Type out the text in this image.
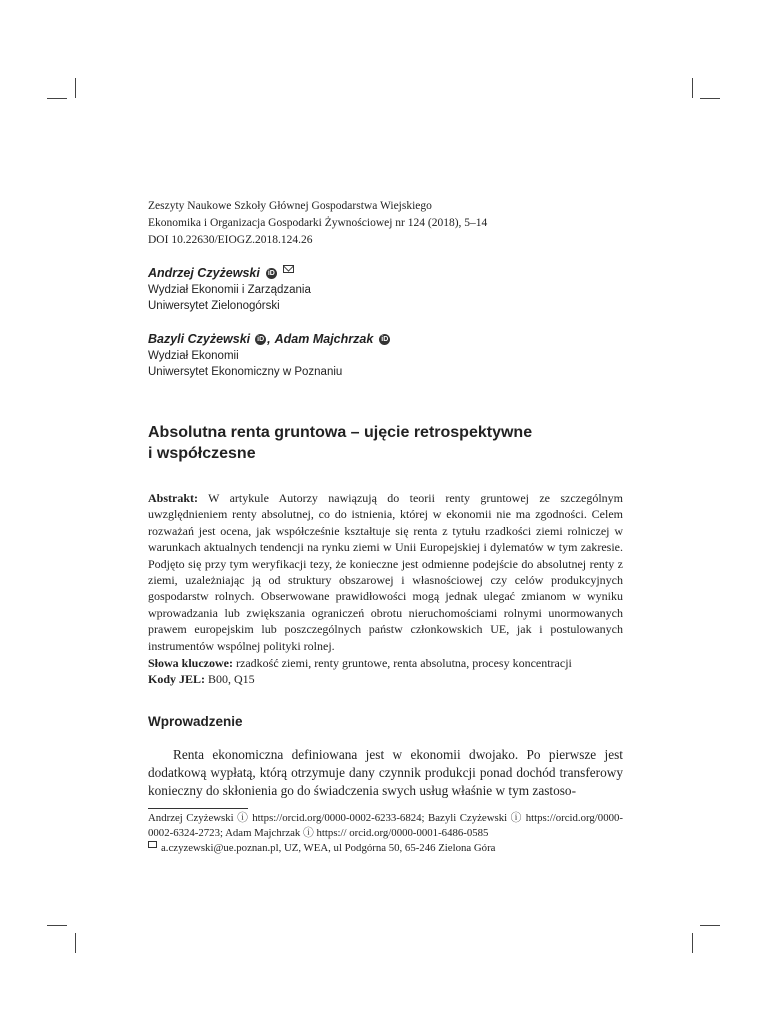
Zeszyty Naukowe Szkoły Głównej Gospodarstwa Wiejskiego
Ekonomika i Organizacja Gospodarki Żywnościowej nr 124 (2018), 5–14
DOI 10.22630/EIOGZ.2018.124.26
Andrzej Czyżewski iD
Wydział Ekonomii i Zarządzania
Uniwersytet Zielonogórski
Bazyli Czyżewski iD , Adam Majchrzak iD
Wydział Ekonomii
Uniwersytet Ekonomiczny w Poznaniu
Absolutna renta gruntowa – ujęcie retrospektywne
i współczesne
Abstrakt: W artykule Autorzy nawiązują do teorii renty gruntowej ze szczególnym uwzględnieniem renty absolutnej, co do istnienia, której w ekonomii nie ma zgodności. Celem rozważań jest ocena, jak współcześnie kształtuje się renta z tytułu rzadkości ziemi rolniczej w warunkach aktualnych tendencji na rynku ziemi w Unii Europejskiej i dylematów w tym zakresie. Podjęto się przy tym weryfikacji tezy, że konieczne jest odmienne podejście do absolutnej renty z ziemi, uzależniając ją od struktury obszarowej i własnościowej czy celów produkcyjnych gospodarstw rolnych. Obserwowane prawidłowości mogą jednak ulegać zmianom w wyniku wprowadzania lub zwiększania ograniczeń obrotu nieruchomościami rolnymi unormowanych prawem europejskim lub poszczególnych państw członkowskich UE, jak i postulowanych instrumentów wspólnej polityki rolnej.
Słowa kluczowe: rzadkość ziemi, renty gruntowe, renta absolutna, procesy koncentracji
Kody JEL: B00, Q15
Wprowadzenie
Renta ekonomiczna definiowana jest w ekonomii dwojako. Po pierwsze jest dodatkową wypłatą, którą otrzymuje dany czynnik produkcji ponad dochód transferowy konieczny do skłonienia go do świadczenia swych usług właśnie w tym zastoso-
Andrzej Czyżewski ⓘ https://orcid.org/0000-0002-6233-6824; Bazyli Czyżewski ⓘ https://orcid.org/0000-0002-6324-2723; Adam Majchrzak ⓘ https:// orcid.org/0000-0001-6486-0585
a.czyzewski@ue.poznan.pl, UZ, WEA, ul Podgórna 50, 65-246 Zielona Góra
